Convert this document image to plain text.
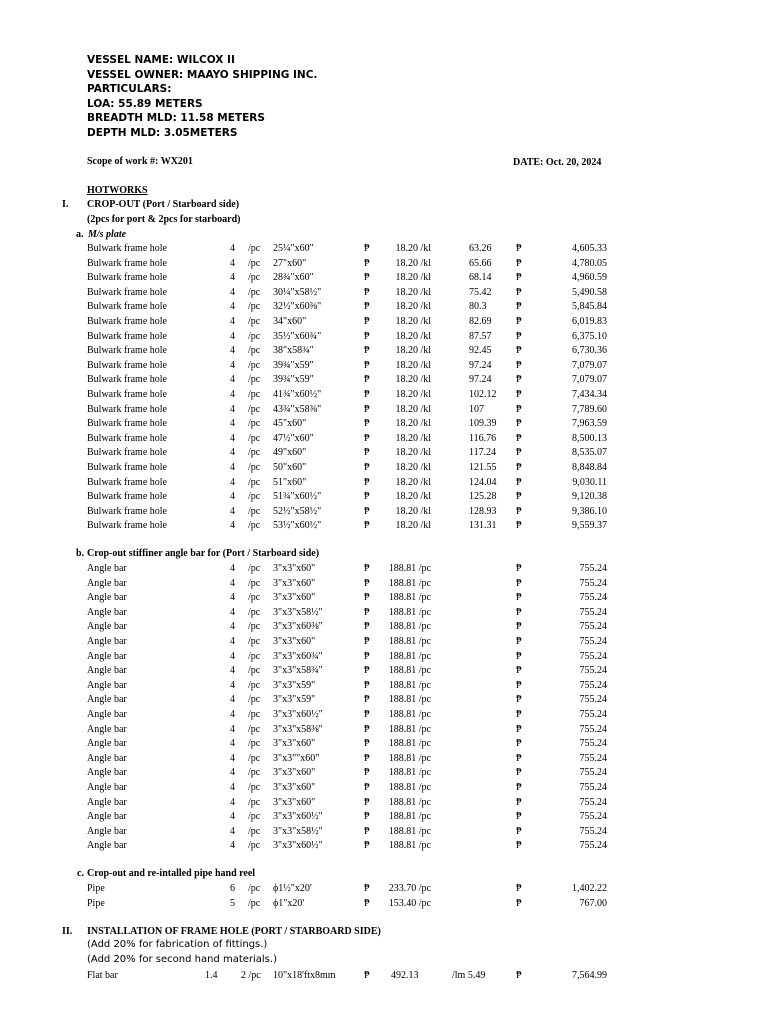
VESSEL NAME: WILCOX II
VESSEL OWNER: MAAYO SHIPPING INC.
PARTICULARS:
LOA: 55.89 METERS
BREADTH MLD: 11.58 METERS
DEPTH MLD: 3.05METERS
Scope of work #: WX201	DATE: Oct. 20, 2024
HOTWORKS
I. CROP-OUT (Port / Starboard side)
(2pcs for port & 2pcs for starboard)
a. M/s plate
Bulwark frame hole	4 /pc 25¼"x60"	₱	18.20 /kl	63.26 ₱	4,605.33
Bulwark frame hole	4 /pc 27"x60"	₱	18.20 /kl	65.66 ₱	4,780.05
Bulwark frame hole	4 /pc 28¾"x60"	₱	18.20 /kl	68.14 ₱	4,960.59
Bulwark frame hole	4 /pc 30¼"x58½"	₱	18.20 /kl	75.42 ₱	5,490.58
Bulwark frame hole	4 /pc 32½"x60⅜"	₱	18.20 /kl	80.3	₱	5,845.84
Bulwark frame hole	4 /pc 34"x60"	₱	18.20 /kl	82.69 ₱	6,019.83
Bulwark frame hole	4 /pc 35½"x60¾"	₱	18.20 /kl	87.57 ₱	6,375.10
Bulwark frame hole	4 /pc 38"x58¾"	₱	18.20 /kl	92.45 ₱	6,730.36
Bulwark frame hole	4 /pc 39¾"x59"	₱	18.20 /kl	97.24 ₱	7,079.07
Bulwark frame hole	4 /pc 39¾"x59"	₱	18.20 /kl	97.24 ₱	7,079.07
Bulwark frame hole	4 /pc 41¾"x60½"	₱	18.20 /kl	102.12 ₱	7,434.34
Bulwark frame hole	4 /pc 43¾"x58⅜"	₱	18.20 /kl	107	₱	7,789.60
Bulwark frame hole	4 /pc 45"x60"	₱	18.20 /kl	109.39 ₱	7,963.59
Bulwark frame hole	4 /pc 47½"x60"	₱	18.20 /kl	116.76 ₱	8,500.13
Bulwark frame hole	4 /pc 49"x60"	₱	18.20 /kl	117.24 ₱	8,535.07
Bulwark frame hole	4 /pc 50"x60"	₱	18.20 /kl	121.55 ₱	8,848.84
Bulwark frame hole	4 /pc 51"x60"	₱	18.20 /kl	124.04 ₱	9,030.11
Bulwark frame hole	4 /pc 51¾"x60½"	₱	18.20 /kl	125.28 ₱	9,120.38
Bulwark frame hole	4 /pc 52½"x58½"	₱	18.20 /kl	128.93 ₱	9,386.10
Bulwark frame hole	4 /pc 53½"x60½"	₱	18.20 /kl	131.31 ₱	9,559.37
b. Crop-out stiffiner angle bar for (Port / Starboard side)
Angle bar	4 /pc 3"x3"x60"	₱	188.81 /pc	₱	755.24
Angle bar	4 /pc 3"x3"x60"	₱	188.81 /pc	₱	755.24
Angle bar	4 /pc 3"x3"x60"	₱	188.81 /pc	₱	755.24
Angle bar	4 /pc 3"x3"x58½"	₱	188.81 /pc	₱	755.24
Angle bar	4 /pc 3"x3"x60⅜"	₱	188.81 /pc	₱	755.24
Angle bar	4 /pc 3"x3"x60"	₱	188.81 /pc	₱	755.24
Angle bar	4 /pc 3"x3"x60¾"	₱	188.81 /pc	₱	755.24
Angle bar	4 /pc 3"x3"x58¾"	₱	188.81 /pc	₱	755.24
Angle bar	4 /pc 3"x3"x59"	₱	188.81 /pc	₱	755.24
Angle bar	4 /pc 3"x3"x59"	₱	188.81 /pc	₱	755.24
Angle bar	4 /pc 3"x3"x60½"	₱	188.81 /pc	₱	755.24
Angle bar	4 /pc 3"x3"x58⅜"	₱	188.81 /pc	₱	755.24
Angle bar	4 /pc 3"x3"x60"	₱	188.81 /pc	₱	755.24
Angle bar	4 /pc 3"x3""x60"	₱	188.81 /pc	₱	755.24
Angle bar	4 /pc 3"x3"x60"	₱	188.81 /pc	₱	755.24
Angle bar	4 /pc 3"x3"x60"	₱	188.81 /pc	₱	755.24
Angle bar	4 /pc 3"x3"x60"	₱	188.81 /pc	₱	755.24
Angle bar	4 /pc 3"x3"x60½"	₱	188.81 /pc	₱	755.24
Angle bar	4 /pc 3"x3"x58½"	₱	188.81 /pc	₱	755.24
Angle bar	4 /pc 3"x3"x60½"	₱	188.81 /pc	₱	755.24
c. Crop-out and re-intalled pipe hand reel
Pipe	6 /pc ϕ1½"x20'	₱	233.70 /pc	₱	1,402.22
Pipe	5 /pc ϕ1"x20'	₱	153.40 /pc	₱	767.00
II. INSTALLATION OF FRAME HOLE (PORT / STARBOARD SIDE)
(Add 20% for fabrication of fittings.)
(Add 20% for second hand materials.)
Flat bar	1.4 2 /pc 10"x18'ftx8mm	₱ 492.13	/lm 5.49	₱	7,564.99
